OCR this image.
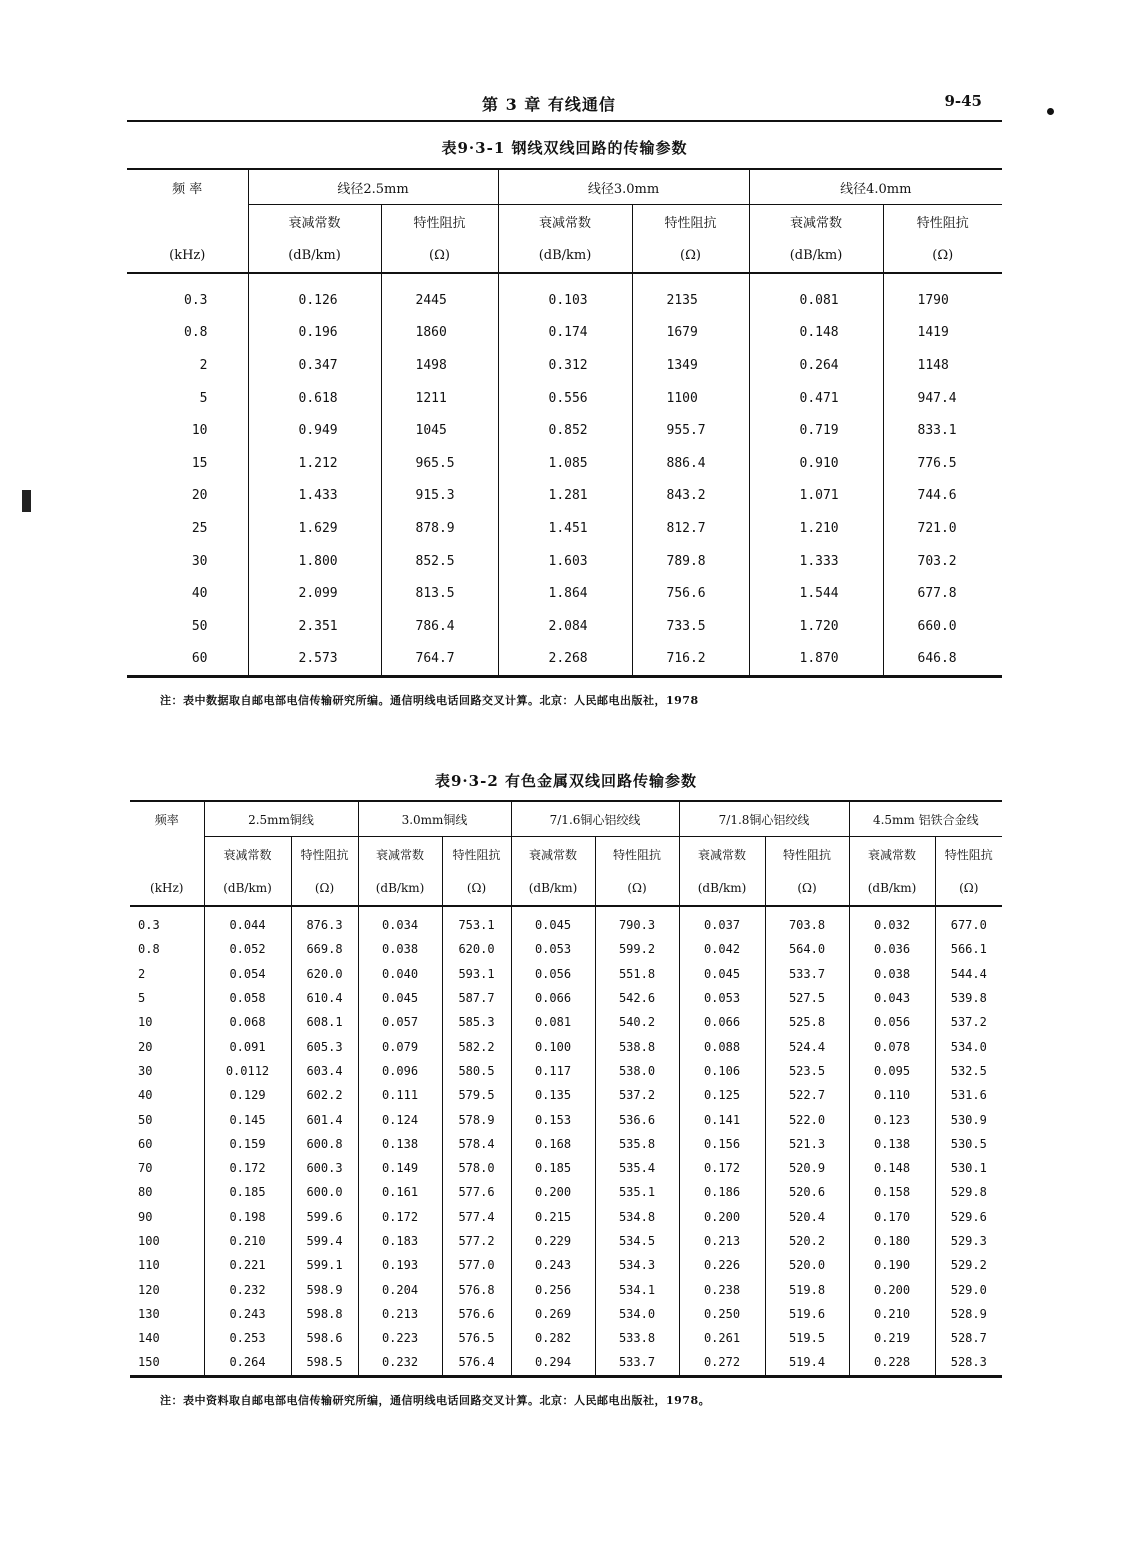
第 3 章 有线通信	9-45
表9·3-1 钢线双线回路的传输参数
频 率	线径2.5mm		线径3.0mm		线径4.0mm	
	衰减常数	特性阻抗	衰减常数	特性阻抗	衰减常数	特性阻抗
(kHz)	(dB/km)	(Ω)	(dB/km)	(Ω)	(dB/km)	(Ω)

0.3	0.126	2445	0.103	2135	0.081	1790
0.8	0.196	1860	0.174	1679	0.148	1419
2	0.347	1498	0.312	1349	0.264	1148
5	0.618	1211	0.556	1100	0.471	947.4
10	0.949	1045	0.852	955.7	0.719	833.1
15	1.212	965.5	1.085	886.4	0.910	776.5
20	1.433	915.3	1.281	843.2	1.071	744.6
25	1.629	878.9	1.451	812.7	1.210	721.0
30	1.800	852.5	1.603	789.8	1.333	703.2
40	2.099	813.5	1.864	756.6	1.544	677.8
50	2.351	786.4	2.084	733.5	1.720	660.0
60	2.573	764.7	2.268	716.2	1.870	646.8
注：表中数据取自邮电部电信传输研究所编。通信明线电话回路交叉计算。北京：人民邮电出版社，1978
表9·3-2 有色金属双线回路传输参数
频率	2.5mm铜线		3.0mm铜线		7/1.6铜心铝绞线		7/1.8铜心铝绞线		4.5mm 铝铁合金线	
	衰减常数	特性阻抗	衰减常数	特性阻抗	衰减常数	特性阻抗	衰减常数	特性阻抗	衰减常数	特性阻抗
(kHz)	(dB/km)	(Ω)	(dB/km)	(Ω)	(dB/km)	(Ω)	(dB/km)	(Ω)	(dB/km)	(Ω)
0.3	0.044	876.3	0.034	753.1	0.045	790.3	0.037	703.8	0.032	677.0
0.8	0.052	669.8	0.038	620.0	0.053	599.2	0.042	564.0	0.036	566.1
2	0.054	620.0	0.040	593.1	0.056	551.8	0.045	533.7	0.038	544.4
5	0.058	610.4	0.045	587.7	0.066	542.6	0.053	527.5	0.043	539.8
10	0.068	608.1	0.057	585.3	0.081	540.2	0.066	525.8	0.056	537.2
20	0.091	605.3	0.079	582.2	0.100	538.8	0.088	524.4	0.078	534.0
30	0.0112	603.4	0.096	580.5	0.117	538.0	0.106	523.5	0.095	532.5
40	0.129	602.2	0.111	579.5	0.135	537.2	0.125	522.7	0.110	531.6
50	0.145	601.4	0.124	578.9	0.153	536.6	0.141	522.0	0.123	530.9
60	0.159	600.8	0.138	578.4	0.168	535.8	0.156	521.3	0.138	530.5
70	0.172	600.3	0.149	578.0	0.185	535.4	0.172	520.9	0.148	530.1
80	0.185	600.0	0.161	577.6	0.200	535.1	0.186	520.6	0.158	529.8
90	0.198	599.6	0.172	577.4	0.215	534.8	0.200	520.4	0.170	529.6
100	0.210	599.4	0.183	577.2	0.229	534.5	0.213	520.2	0.180	529.3
110	0.221	599.1	0.193	577.0	0.243	534.3	0.226	520.0	0.190	529.2
120	0.232	598.9	0.204	576.8	0.256	534.1	0.238	519.8	0.200	529.0
130	0.243	598.8	0.213	576.6	0.269	534.0	0.250	519.6	0.210	528.9
140	0.253	598.6	0.223	576.5	0.282	533.8	0.261	519.5	0.219	528.7
150	0.264	598.5	0.232	576.4	0.294	533.7	0.272	519.4	0.228	528.3
注：表中资料取自邮电部电信传输研究所编，通信明线电话回路交叉计算。北京：人民邮电出版社，1978。
